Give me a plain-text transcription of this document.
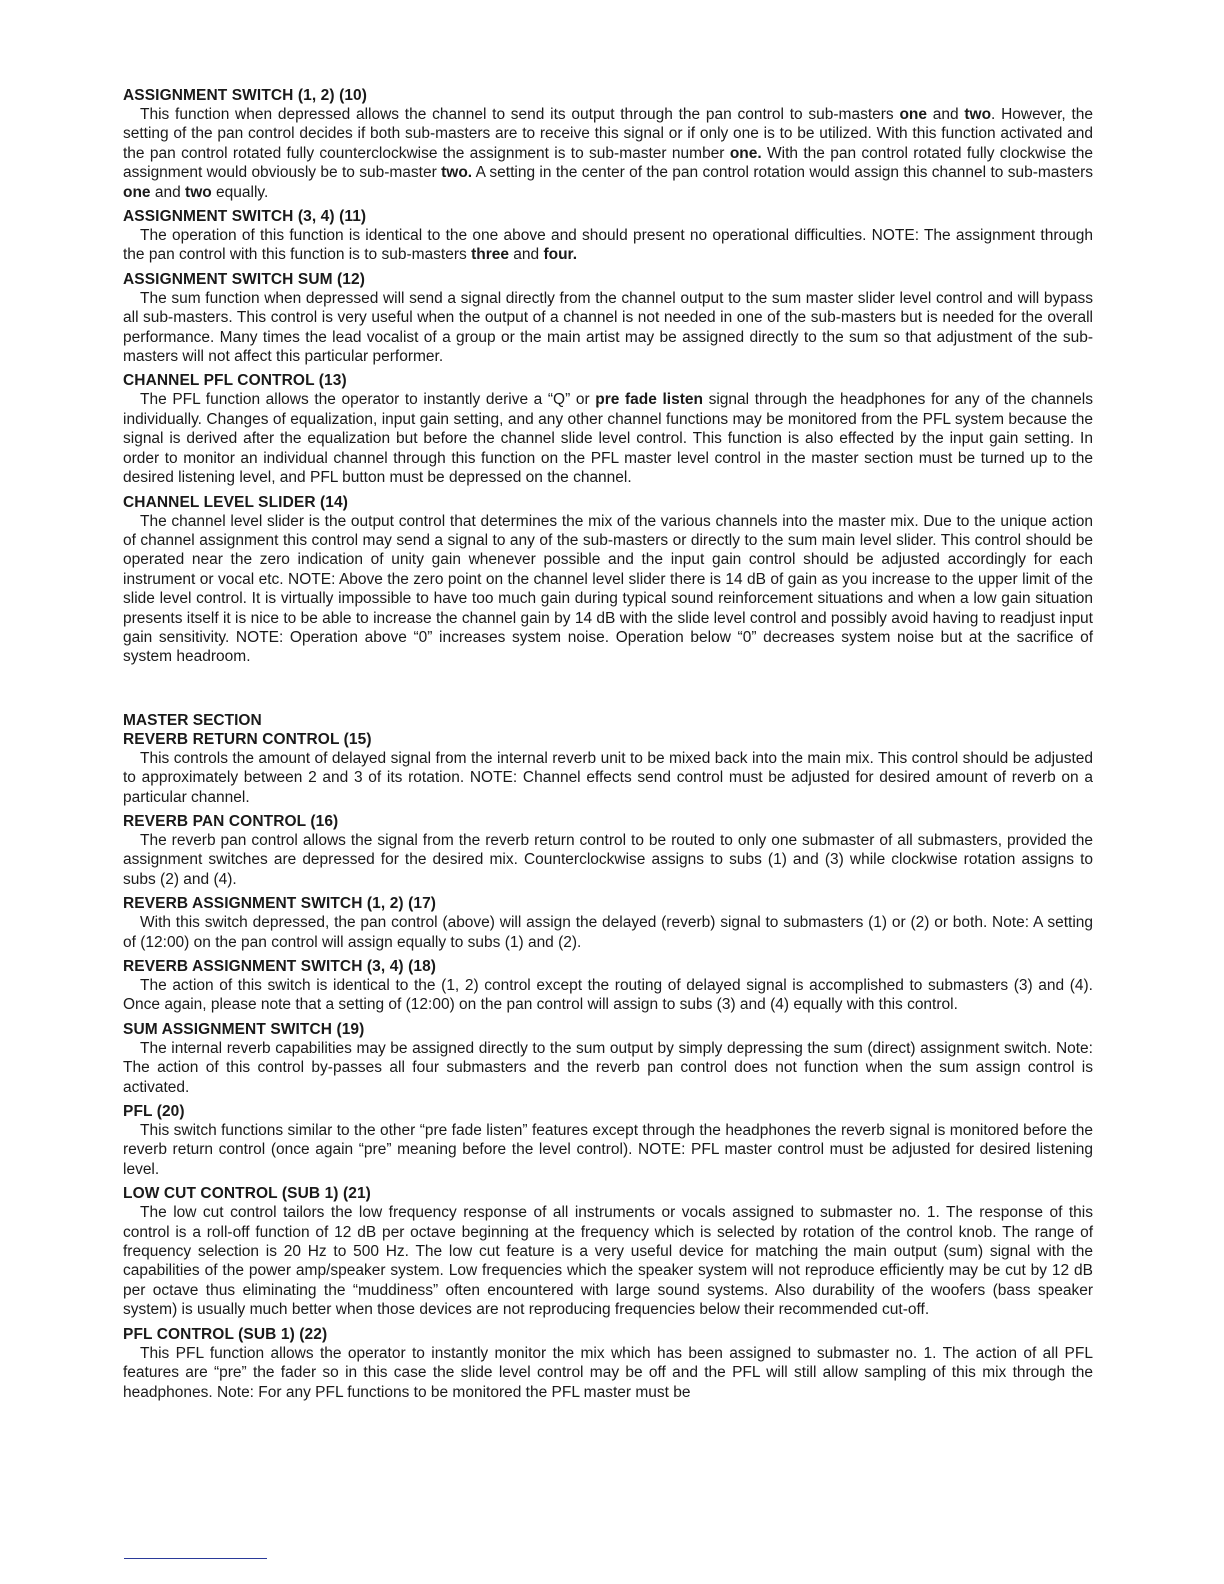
ASSIGNMENT SWITCH (1, 2) (10)

This function when depressed allows the channel to send its output through the pan control to sub-masters one and two. However, the setting of the pan control decides if both sub-masters are to receive this signal or if only one is to be utilized. With this function activated and the pan control rotated fully counterclockwise the assignment is to sub-master number one. With the pan control rotated fully clockwise the assignment would obviously be to sub-master two. A setting in the center of the pan control rotation would assign this channel to sub-masters one and two equally.

ASSIGNMENT SWITCH (3, 4) (11)

The operation of this function is identical to the one above and should present no operational difficulties. NOTE: The assignment through the pan control with this function is to sub-masters three and four.

ASSIGNMENT SWITCH SUM (12)

The sum function when depressed will send a signal directly from the channel output to the sum master slider level control and will bypass all sub-masters. This control is very useful when the output of a channel is not needed in one of the sub-masters but is needed for the overall performance. Many times the lead vocalist of a group or the main artist may be assigned directly to the sum so that adjustment of the sub-masters will not affect this particular performer.

CHANNEL PFL CONTROL (13)

The PFL function allows the operator to instantly derive a “Q” or pre fade listen signal through the headphones for any of the channels individually. Changes of equalization, input gain setting, and any other channel functions may be monitored from the PFL system because the signal is derived after the equalization but before the channel slide level control. This function is also effected by the input gain setting. In order to monitor an individual channel through this function on the PFL master level control in the master section must be turned up to the desired listening level, and PFL button must be depressed on the channel.

CHANNEL LEVEL SLIDER (14)

The channel level slider is the output control that determines the mix of the various channels into the master mix. Due to the unique action of channel assignment this control may send a signal to any of the sub-masters or directly to the sum main level slider. This control should be operated near the zero indication of unity gain whenever possible and the input gain control should be adjusted accordingly for each instrument or vocal etc. NOTE: Above the zero point on the channel level slider there is 14 dB of gain as you increase to the upper limit of the slide level control. It is virtually impossible to have too much gain during typical sound reinforcement situations and when a low gain situation presents itself it is nice to be able to increase the channel gain by 14 dB with the slide level control and possibly avoid having to readjust input gain sensitivity. NOTE: Operation above “0” increases system noise. Operation below “0” decreases system noise but at the sacrifice of system headroom.

MASTER SECTION
REVERB RETURN CONTROL (15)

This controls the amount of delayed signal from the internal reverb unit to be mixed back into the main mix. This control should be adjusted to approximately between 2 and 3 of its rotation. NOTE: Channel effects send control must be adjusted for desired amount of reverb on a particular channel.

REVERB PAN CONTROL (16)

The reverb pan control allows the signal from the reverb return control to be routed to only one submaster of all submasters, provided the assignment switches are depressed for the desired mix. Counterclockwise assigns to subs (1) and (3) while clockwise rotation assigns to subs (2) and (4).

REVERB ASSIGNMENT SWITCH (1, 2) (17)

With this switch depressed, the pan control (above) will assign the delayed (reverb) signal to submasters (1) or (2) or both. Note: A setting of (12:00) on the pan control will assign equally to subs (1) and (2).

REVERB ASSIGNMENT SWITCH (3, 4) (18)

The action of this switch is identical to the (1, 2) control except the routing of delayed signal is accomplished to submasters (3) and (4). Once again, please note that a setting of (12:00) on the pan control will assign to subs (3) and (4) equally with this control.

SUM ASSIGNMENT SWITCH (19)

The internal reverb capabilities may be assigned directly to the sum output by simply depressing the sum (direct) assignment switch. Note: The action of this control by-passes all four submasters and the reverb pan control does not function when the sum assign control is activated.

PFL (20)

This switch functions similar to the other “pre fade listen” features except through the headphones the reverb signal is monitored before the reverb return control (once again “pre” meaning before the level control). NOTE: PFL master control must be adjusted for desired listening level.

LOW CUT CONTROL (SUB 1) (21)

The low cut control tailors the low frequency response of all instruments or vocals assigned to submaster no. 1. The response of this control is a roll-off function of 12 dB per octave beginning at the frequency which is selected by rotation of the control knob. The range of frequency selection is 20 Hz to 500 Hz. The low cut feature is a very useful device for matching the main output (sum) signal with the capabilities of the power amp/speaker system. Low frequencies which the speaker system will not reproduce efficiently may be cut by 12 dB per octave thus eliminating the “muddiness” often encountered with large sound systems. Also durability of the woofers (bass speaker system) is usually much better when those devices are not reproducing frequencies below their recommended cut-off.

PFL CONTROL (SUB 1) (22)

This PFL function allows the operator to instantly monitor the mix which has been assigned to submaster no. 1. The action of all PFL features are “pre” the fader so in this case the slide level control may be off and the PFL will still allow sampling of this mix through the headphones. Note: For any PFL functions to be monitored the PFL master must be
